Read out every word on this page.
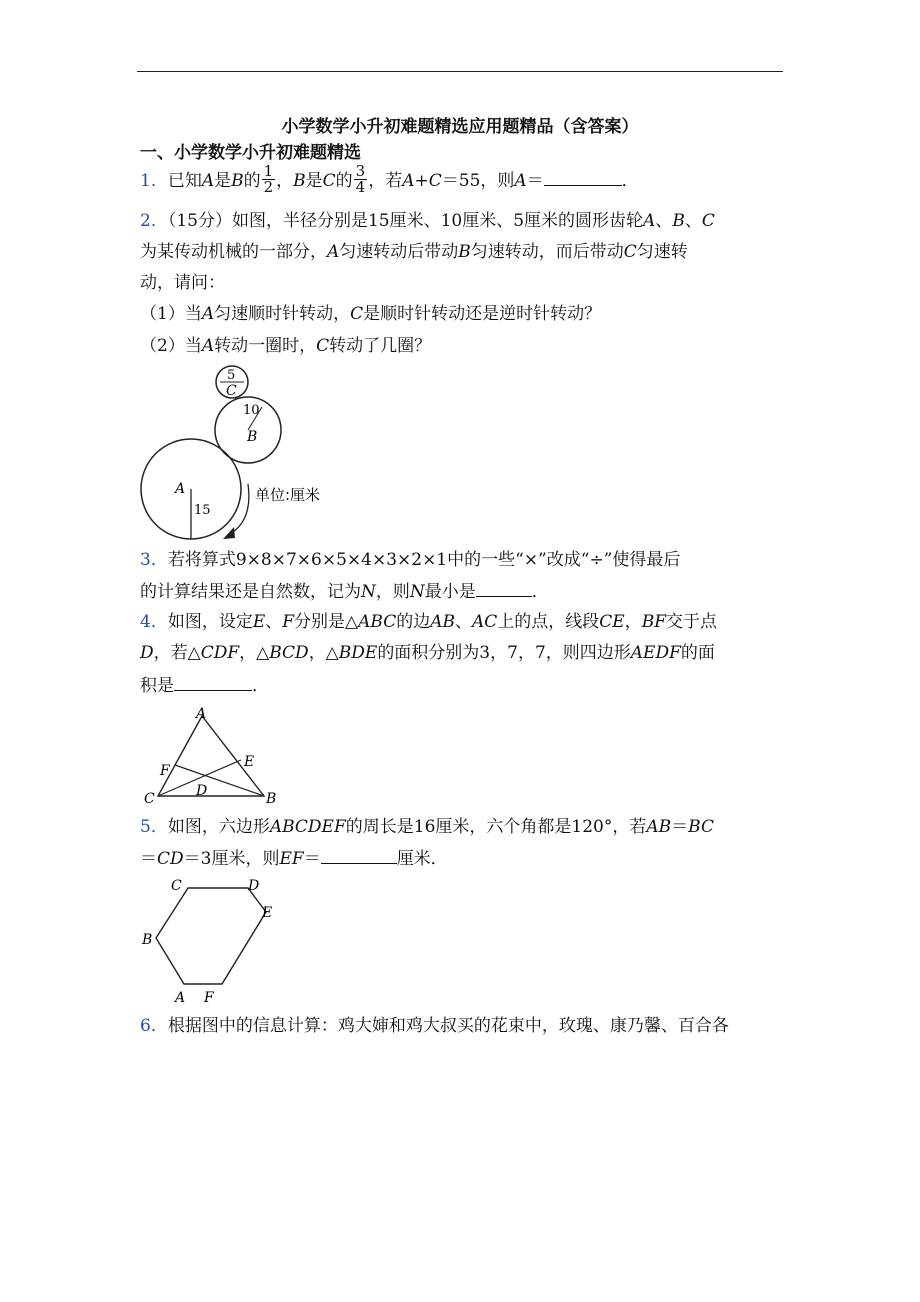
小学数学小升初难题精选应用题精品（含答案）
一、小学数学小升初难题精选
1．已知A是B的 $\frac{1}{2}$ ，B是C的 $\frac{3}{4}$ ，若A+C＝55，则A＝	．
2．（15分）如图，半径分别是15厘米、10厘米、5厘米的圆形齿轮A、B、C
为某传动机械的一部分，A匀速转动后带动B匀速转动，而后带动C匀速转
动，请问：
（1）当A匀速顺时针转动，C是顺时针转动还是逆时针转动？
（2）当A转动一圈时，C转动了几圈？
5
C
10
B
A
15
单位:厘米
3．若将算式9×8×7×6×5×4×3×2×1中的一些“×”改成“÷”使得最后
的计算结果还是自然数，记为N，则N最小是	．
4．如图，设定E、F分别是△ABC的边AB、AC上的点，线段CE，BF交于点
D，若△CDF，△BCD，△BDE的面积分别为3，7，7，则四边形AEDF的面
积是	．
A
E
F
D
C	B
5．如图，六边形ABCDEF的周长是16厘米，六个角都是120°，若AB＝BC
＝CD＝3厘米，则EF＝	厘米．
C	D
E
B
A F
6．根据图中的信息计算：鸡大婶和鸡大叔买的花束中，玫瑰、康乃馨、百合各
